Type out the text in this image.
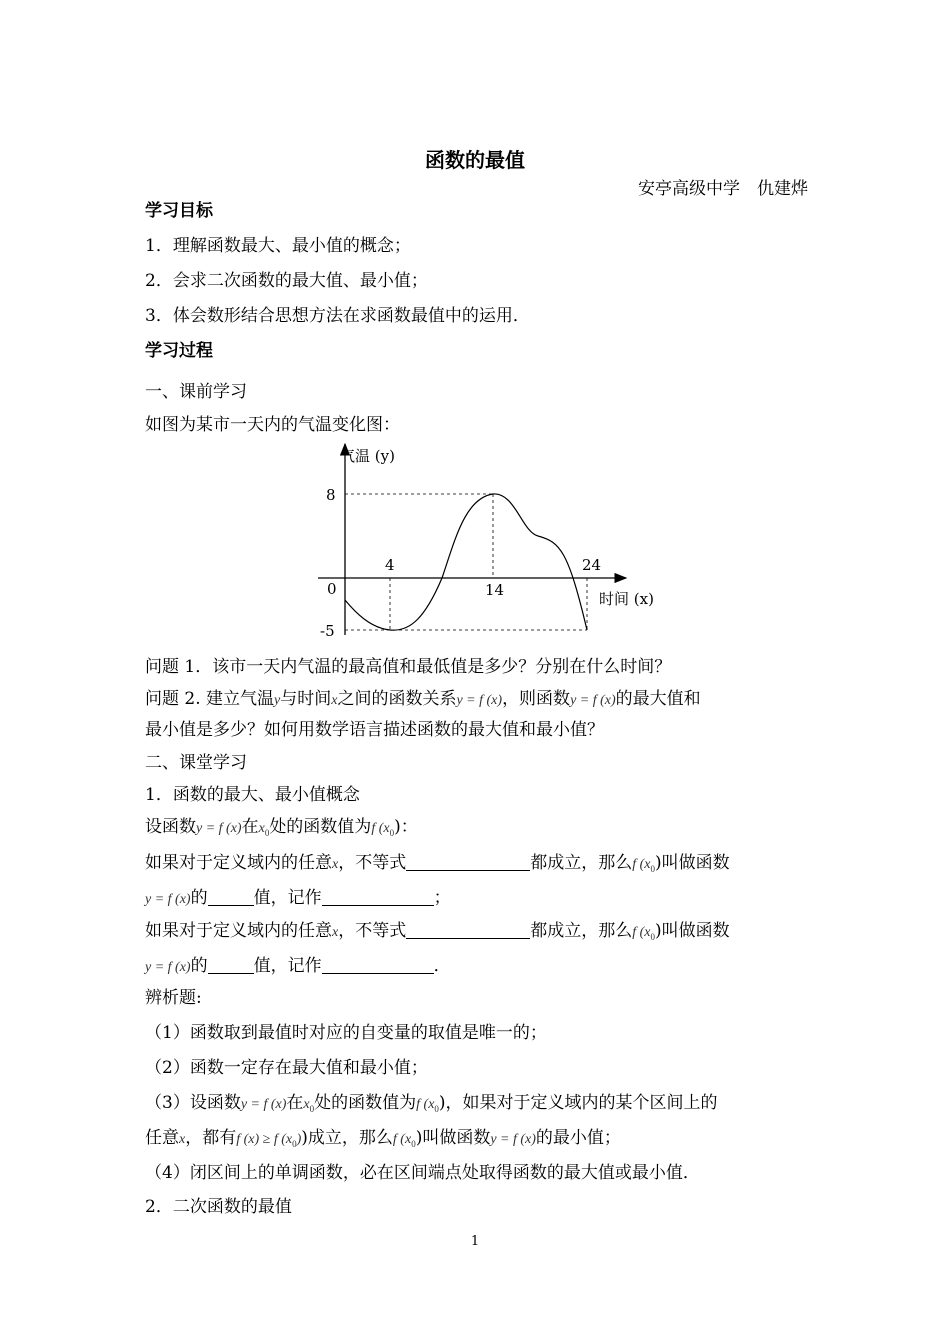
函数的最值
安亭高级中学　仇建烨
学习目标
1．理解函数最大、最小值的概念；
2．会求二次函数的最大值、最小值；
3．体会数形结合思想方法在求函数最值中的运用．
学习过程
一、课前学习
如图为某市一天内的气温变化图：
气温 (y)
时间 (x)
8
-5
0
4
14
24
问题 1．该市一天内气温的最高值和最低值是多少？分别在什么时间？
问题 2. 建立气温y与时间x之间的函数关系y = f (x)，则函数y = f (x)的最大值和
最小值是多少？如何用数学语言描述函数的最大值和最小值？
二、课堂学习
1．函数的最大、最小值概念
设函数y = f (x)在$x_0$处的函数值为f $(x_0)$：
如果对于定义域内的任意x，不等式	都成立，那么f $(x_0)$叫做函数
y = f (x)的	值，记作	；
如果对于定义域内的任意x，不等式	都成立，那么f $(x_0)$叫做函数
y = f (x)的	值，记作	．
辨析题:
（1）函数取到最值时对应的自变量的取值是唯一的；
（2）函数一定存在最大值和最小值；
（3）设函数y = f (x)在$x_0$处的函数值为f $(x_0)$，如果对于定义域内的某个区间上的
任意x，都有f (x) ≥ f $(x_0)$)成立，那么f $(x_0)$叫做函数y = f (x)的最小值；
（4）闭区间上的单调函数，必在区间端点处取得函数的最大值或最小值．
2．二次函数的最值
1
